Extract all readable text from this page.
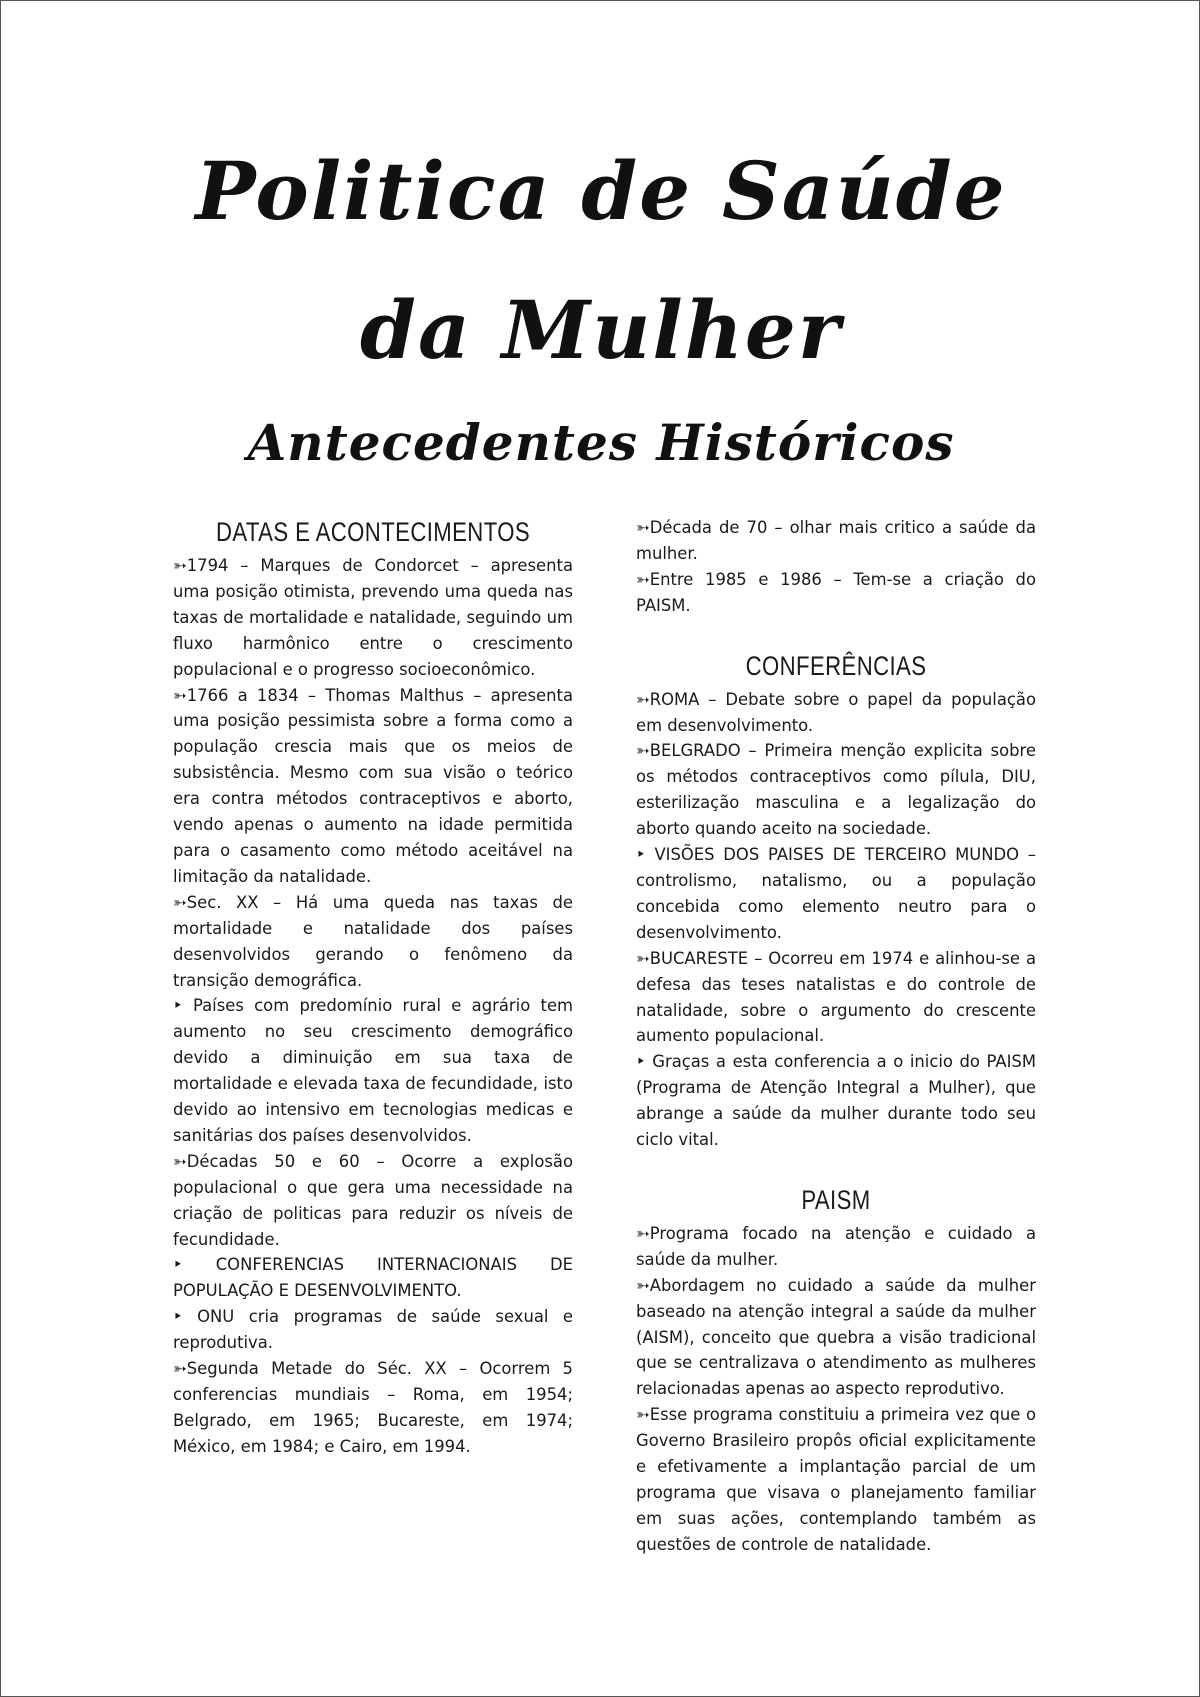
Politica de Saúde
da Mulher
Antecedentes Históricos
DATAS E ACONTECIMENTOS

➳1794 – Marques de Condorcet – apresenta uma posição otimista, prevendo uma queda nas taxas de mortalidade e natalidade, seguindo um fluxo harmônico entre o crescimento populacional e o progresso socioeconômico.

➳1766 a 1834 – Thomas Malthus – apresenta uma posição pessimista sobre a forma como a população crescia mais que os meios de subsistência. Mesmo com sua visão o teórico era contra métodos contraceptivos e aborto, vendo apenas o aumento na idade permitida para o casamento como método aceitável na limitação da natalidade.

➳Sec. XX – Há uma queda nas taxas de mortalidade e natalidade dos países desenvolvidos gerando o fenômeno da transição demográfica.

‣ Países com predomínio rural e agrário tem aumento no seu crescimento demográfico devido a diminuição em sua taxa de mortalidade e elevada taxa de fecundidade, isto devido ao intensivo em tecnologias medicas e sanitárias dos países desenvolvidos.

➳Décadas 50 e 60 – Ocorre a explosão populacional o que gera uma necessidade na criação de politicas para reduzir os níveis de fecundidade.

‣ CONFERENCIAS INTERNACIONAIS DE POPULAÇÃO E DESENVOLVIMENTO.

‣ ONU cria programas de saúde sexual e reprodutiva.

➳Segunda Metade do Séc. XX – Ocorrem 5 conferencias mundiais – Roma, em 1954; Belgrado, em 1965; Bucareste, em 1974; México, em 1984; e Cairo, em 1994.

➳Década de 70 – olhar mais critico a saúde da mulher.

➳Entre 1985 e 1986 – Tem-se a criação do PAISM.

CONFERÊNCIAS

➳ROMA – Debate sobre o papel da população em desenvolvimento.

➳BELGRADO – Primeira menção explicita sobre os métodos contraceptivos como pílula, DIU, esterilização masculina e a legalização do aborto quando aceito na sociedade.

‣ VISÕES DOS PAISES DE TERCEIRO MUNDO – controlismo, natalismo, ou a população concebida como elemento neutro para o desenvolvimento.

➳BUCARESTE – Ocorreu em 1974 e alinhou-se a defesa das teses natalistas e do controle de natalidade, sobre o argumento do crescente aumento populacional.

‣ Graças a esta conferencia a o inicio do PAISM (Programa de Atenção Integral a Mulher), que abrange a saúde da mulher durante todo seu ciclo vital.

PAISM

➳Programa focado na atenção e cuidado a saúde da mulher.

➳Abordagem no cuidado a saúde da mulher baseado na atenção integral a saúde da mulher (AISM), conceito que quebra a visão tradicional que se centralizava o atendimento as mulheres relacionadas apenas ao aspecto reprodutivo.

➳Esse programa constituiu a primeira vez que o Governo Brasileiro propôs oficial explicitamente e efetivamente a implantação parcial de um programa que visava o planejamento familiar em suas ações, contemplando também as questões de controle de natalidade.
